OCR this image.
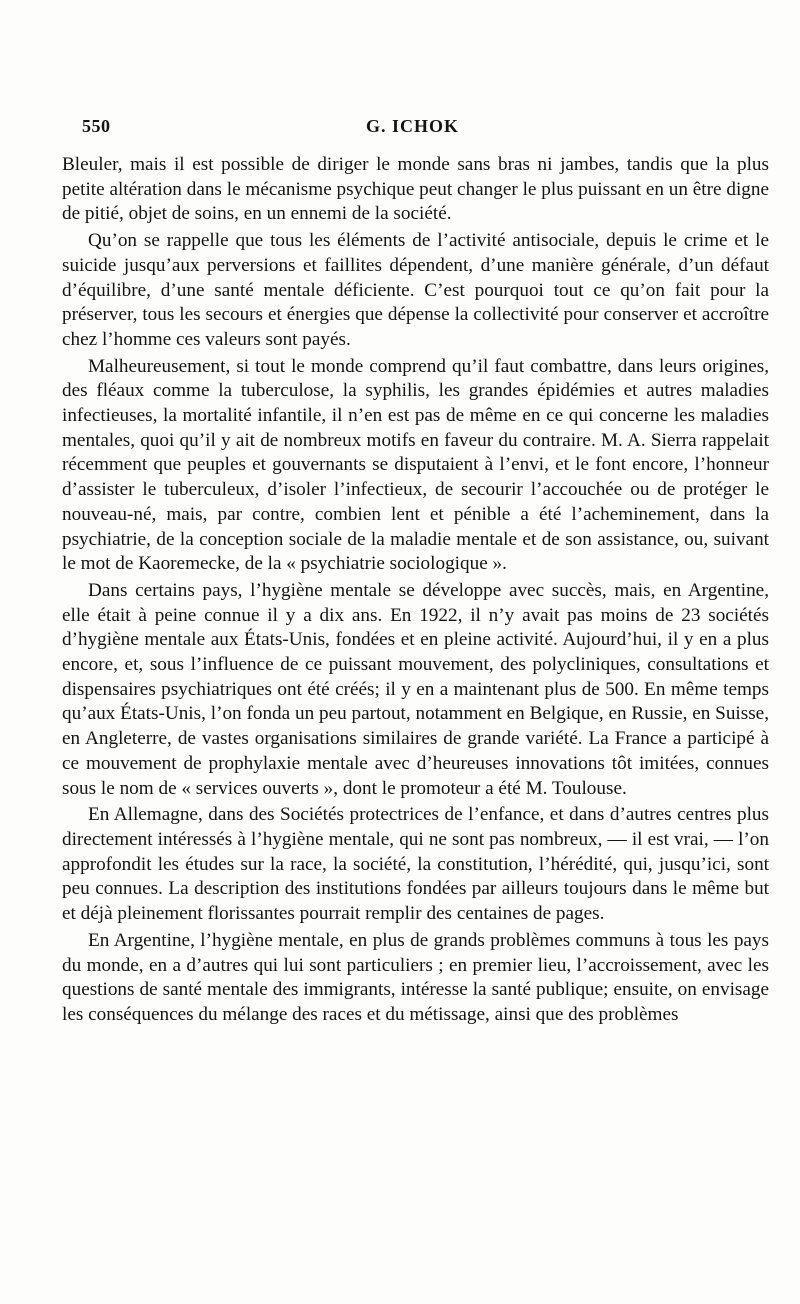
550	G. ICHOK

Bleuler, mais il est possible de diriger le monde sans bras ni jambes, tandis que la plus petite altération dans le mécanisme psychique peut changer le plus puissant en un être digne de pitié, objet de soins, en un ennemi de la société.

Qu’on se rappelle que tous les éléments de l’activité antisociale, depuis le crime et le suicide jusqu’aux perversions et faillites dépendent, d’une manière générale, d’un défaut d’équilibre, d’une santé mentale déficiente. C’est pourquoi tout ce qu’on fait pour la préserver, tous les secours et énergies que dépense la collectivité pour conserver et accroître chez l’homme ces valeurs sont payés.

Malheureusement, si tout le monde comprend qu’il faut combattre, dans leurs origines, des fléaux comme la tuberculose, la syphilis, les grandes épidémies et autres maladies infectieuses, la mortalité infantile, il n’en est pas de même en ce qui concerne les maladies mentales, quoi qu’il y ait de nombreux motifs en faveur du contraire. M. A. Sierra rappelait récemment que peuples et gouvernants se disputaient à l’envi, et le font encore, l’honneur d’assister le tuberculeux, d’isoler l’infectieux, de secourir l’accouchée ou de protéger le nouveau-né, mais, par contre, combien lent et pénible a été l’acheminement, dans la psychiatrie, de la conception sociale de la maladie mentale et de son assistance, ou, suivant le mot de Kaoremecke, de la « psychiatrie sociologique ».

Dans certains pays, l’hygiène mentale se développe avec succès, mais, en Argentine, elle était à peine connue il y a dix ans. En 1922, il n’y avait pas moins de 23 sociétés d’hygiène mentale aux États-Unis, fondées et en pleine activité. Aujourd’hui, il y en a plus encore, et, sous l’influence de ce puissant mouvement, des polycliniques, consultations et dispensaires psychiatriques ont été créés; il y en a maintenant plus de 500. En même temps qu’aux États-Unis, l’on fonda un peu partout, notamment en Belgique, en Russie, en Suisse, en Angleterre, de vastes organisations similaires de grande variété. La France a participé à ce mouvement de prophylaxie mentale avec d’heureuses innovations tôt imitées, connues sous le nom de « services ouverts », dont le promoteur a été M. Toulouse.

En Allemagne, dans des Sociétés protectrices de l’enfance, et dans d’autres centres plus directement intéressés à l’hygiène mentale, qui ne sont pas nombreux, — il est vrai, — l’on approfondit les études sur la race, la société, la constitution, l’hérédité, qui, jusqu’ici, sont peu connues. La description des institutions fondées par ailleurs toujours dans le même but et déjà pleinement florissantes pourrait remplir des centaines de pages.

En Argentine, l’hygiène mentale, en plus de grands problèmes communs à tous les pays du monde, en a d’autres qui lui sont particuliers ; en premier lieu, l’accroissement, avec les questions de santé mentale des immigrants, intéresse la santé publique; ensuite, on envisage les conséquences du mélange des races et du métissage, ainsi que des problèmes
